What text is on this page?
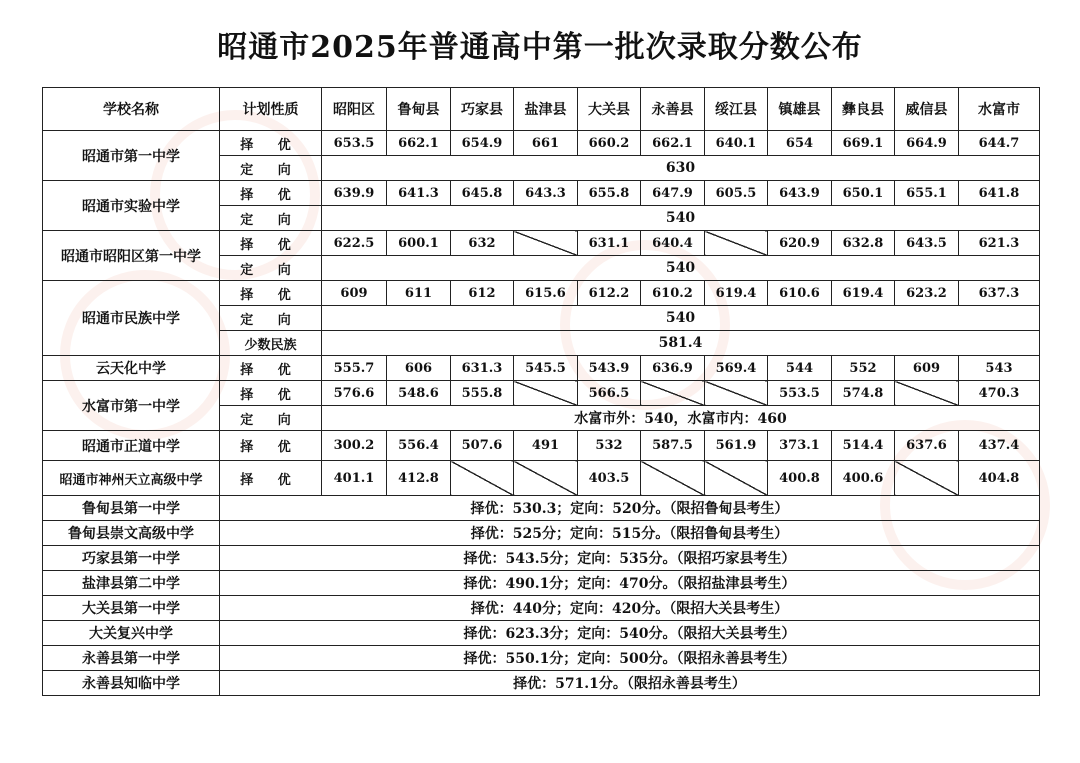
昭通市2025年普通高中第一批次录取分数公布
学校名称	计划性质	昭阳区	鲁甸县	巧家县	盐津县	大关县	永善县	绥江县	镇雄县	彝良县	威信县	水富市
昭通市第一中学	择 优	653.5	662.1	654.9	661	660.2	662.1	640.1	654	669.1	664.9	644.7
	定 向	630										
昭通市实验中学	择 优	639.9	641.3	645.8	643.3	655.8	647.9	605.5	643.9	650.1	655.1	641.8
	定 向	540										
昭通市昭阳区第一中学	择 优	622.5	600.1	632		631.1	640.4		620.9	632.8	643.5	621.3
	定 向	540										
昭通市民族中学	择 优	609	611	612	615.6	612.2	610.2	619.4	610.6	619.4	623.2	637.3
	定 向	540										
	少数民族	581.4										
云天化中学	择 优	555.7	606	631.3	545.5	543.9	636.9	569.4	544	552	609	543
水富市第一中学	择 优	576.6	548.6	555.8		566.5			553.5	574.8		470.3
	定 向	水富市外：540，水富市内：460										
昭通市正道中学	择 优	300.2	556.4	507.6	491	532	587.5	561.9	373.1	514.4	637.6	437.4
昭通市神州天立高级中学	择 优	401.1	412.8			403.5			400.8	400.6		404.8
鲁甸县第一中学	择优：530.3；定向：520分。（限招鲁甸县考生）											
鲁甸县崇文高级中学	择优：525分；定向：515分。（限招鲁甸县考生）											
巧家县第一中学	择优：543.5分；定向：535分。（限招巧家县考生）											
盐津县第二中学	择优：490.1分；定向：470分。（限招盐津县考生）											
大关县第一中学	择优：440分；定向：420分。（限招大关县考生）											
大关复兴中学	择优：623.3分；定向：540分。（限招大关县考生）											
永善县第一中学	择优：550.1分；定向：500分。（限招永善县考生）											
永善县知临中学	择优：571.1分。（限招永善县考生）											
